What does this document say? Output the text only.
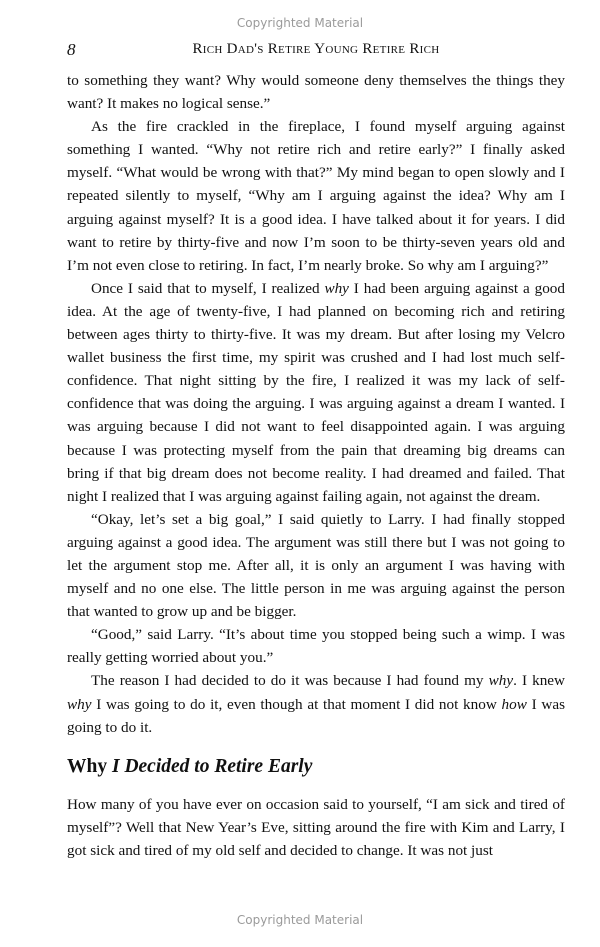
Copyrighted Material
8	Rich Dad's Retire Young Retire Rich

to something they want? Why would someone deny themselves the things they want? It makes no logical sense.”

As the fire crackled in the fireplace, I found myself arguing against something I wanted. “Why not retire rich and retire early?” I finally asked myself. “What would be wrong with that?” My mind began to open slowly and I repeated silently to myself, “Why am I arguing against the idea? Why am I arguing against myself? It is a good idea. I have talked about it for years. I did want to retire by thirty-five and now I’m soon to be thirty-seven years old and I’m not even close to retiring. In fact, I’m nearly broke. So why am I arguing?”

Once I said that to myself, I realized why I had been arguing against a good idea. At the age of twenty-five, I had planned on becoming rich and retiring between ages thirty to thirty-five. It was my dream. But after losing my Velcro wallet business the first time, my spirit was crushed and I had lost much self-confidence. That night sitting by the fire, I realized it was my lack of self-confidence that was doing the arguing. I was arguing against a dream I wanted. I was arguing because I did not want to feel disappointed again. I was arguing because I was protecting myself from the pain that dreaming big dreams can bring if that big dream does not become reality. I had dreamed and failed. That night I realized that I was arguing against failing again, not against the dream.

“Okay, let’s set a big goal,” I said quietly to Larry. I had finally stopped arguing against a good idea. The argument was still there but I was not going to let the argument stop me. After all, it is only an argument I was having with myself and no one else. The little person in me was arguing against the person that wanted to grow up and be bigger.

“Good,” said Larry. “It’s about time you stopped being such a wimp. I was really getting worried about you.”

The reason I had decided to do it was because I had found my why. I knew why I was going to do it, even though at that moment I did not know how I was going to do it.

Why I Decided to Retire Early

How many of you have ever on occasion said to yourself, “I am sick and tired of myself”? Well that New Year’s Eve, sitting around the fire with Kim and Larry, I got sick and tired of my old self and decided to change. It was not just

Copyrighted Material
